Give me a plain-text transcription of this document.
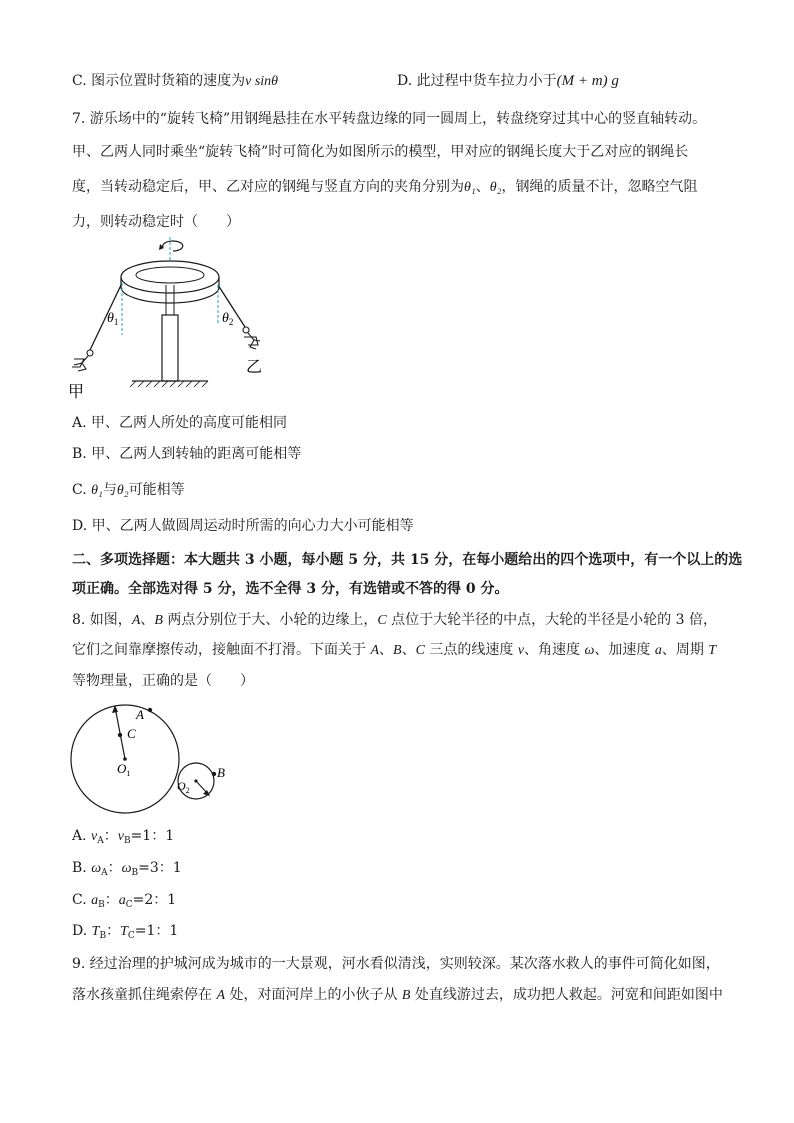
C. 图示位置时货箱的速度为v sinθ	D. 此过程中货车拉力小于(M + m) g
7. 游乐场中的“旋转飞椅”用钢绳悬挂在水平转盘边缘的同一圆周上，转盘绕穿过其中心的竖直轴转动。
甲、乙两人同时乘坐“旋转飞椅”时可简化为如图所示的模型，甲对应的钢绳长度大于乙对应的钢绳长
度，当转动稳定后，甲、乙对应的钢绳与竖直方向的夹角分别为θ₁、θ₂，钢绳的质量不计，忽略空气阻
力，则转动稳定时（　　）
$\theta_1$	$\theta_2$
甲
乙
A. 甲、乙两人所处的高度可能相同
B. 甲、乙两人到转轴的距离可能相等
C. θ₁与θ₂可能相等
D. 甲、乙两人做圆周运动时所需的向心力大小可能相等
二、多项选择题：本大题共 3 小题，每小题 5 分，共 15 分，在每小题给出的四个选项中，有一个以上的选
项正确。全部选对得 5 分，选不全得 3 分，有选错或不答的得 0 分。
8. 如图，A、B 两点分别位于大、小轮的边缘上，C 点位于大轮半径的中点，大轮的半径是小轮的 3 倍，
它们之间靠摩擦传动，接触面不打滑。下面关于 A、B、C 三点的线速度 v、角速度 ω、加速度 a、周期 T
等物理量，正确的是（　　）
A
C
$O_1$	B
$O_2$
A. $v_A$：$v_B=1$：1
B. $\omega_A$：$\omega_B=3$：1
C. $a_B$：$a_C=2$：1
D. $T_B$：$T_C=1$：1
9. 经过治理的护城河成为城市的一大景观，河水看似清浅，实则较深。某次落水救人的事件可简化如图，
落水孩童抓住绳索停在 A 处，对面河岸上的小伙子从 B 处直线游过去，成功把人救起。河宽和间距如图中
